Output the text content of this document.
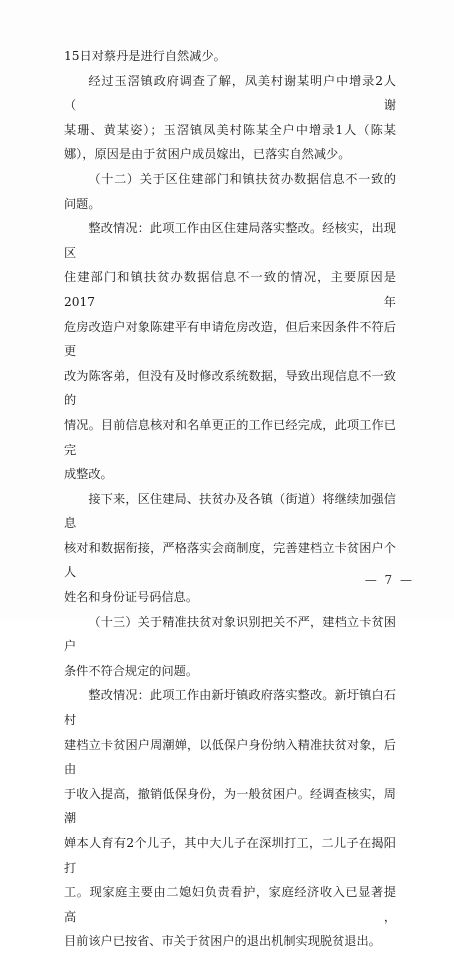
15日对蔡丹是进行自然减少。
经过玉滘镇政府调查了解，凤美村谢某明户中增录2人（谢
某珊、黄某姿）；玉滘镇凤美村陈某全户中增录1人（陈某
娜），原因是由于贫困户成员嫁出，已落实自然减少。
（十二）关于区住建部门和镇扶贫办数据信息不一致的
问题。
整改情况：此项工作由区住建局落实整改。经核实，出现区
住建部门和镇扶贫办数据信息不一致的情况，主要原因是2017年
危房改造户对象陈建平有申请危房改造，但后来因条件不符后更
改为陈客弟，但没有及时修改系统数据，导致出现信息不一致的
情况。目前信息核对和名单更正的工作已经完成，此项工作已完
成整改。
接下来，区住建局、扶贫办及各镇（街道）将继续加强信息
核对和数据衔接，严格落实会商制度，完善建档立卡贫困户个人
姓名和身份证号码信息。
（十三）关于精准扶贫对象识别把关不严，建档立卡贫困户
条件不符合规定的问题。
整改情况：此项工作由新圩镇政府落实整改。新圩镇白石村
建档立卡贫困户周潮婵，以低保户身份纳入精准扶贫对象，后由
于收入提高，撤销低保身份，为一般贫困户。经调查核实，周潮
婵本人育有2个儿子，其中大儿子在深圳打工，二儿子在揭阳打
工。现家庭主要由二媳妇负责看护，家庭经济收入已显著提高，
目前该户已按省、市关于贫困户的退出机制实现脱贫退出。
— 7 —
